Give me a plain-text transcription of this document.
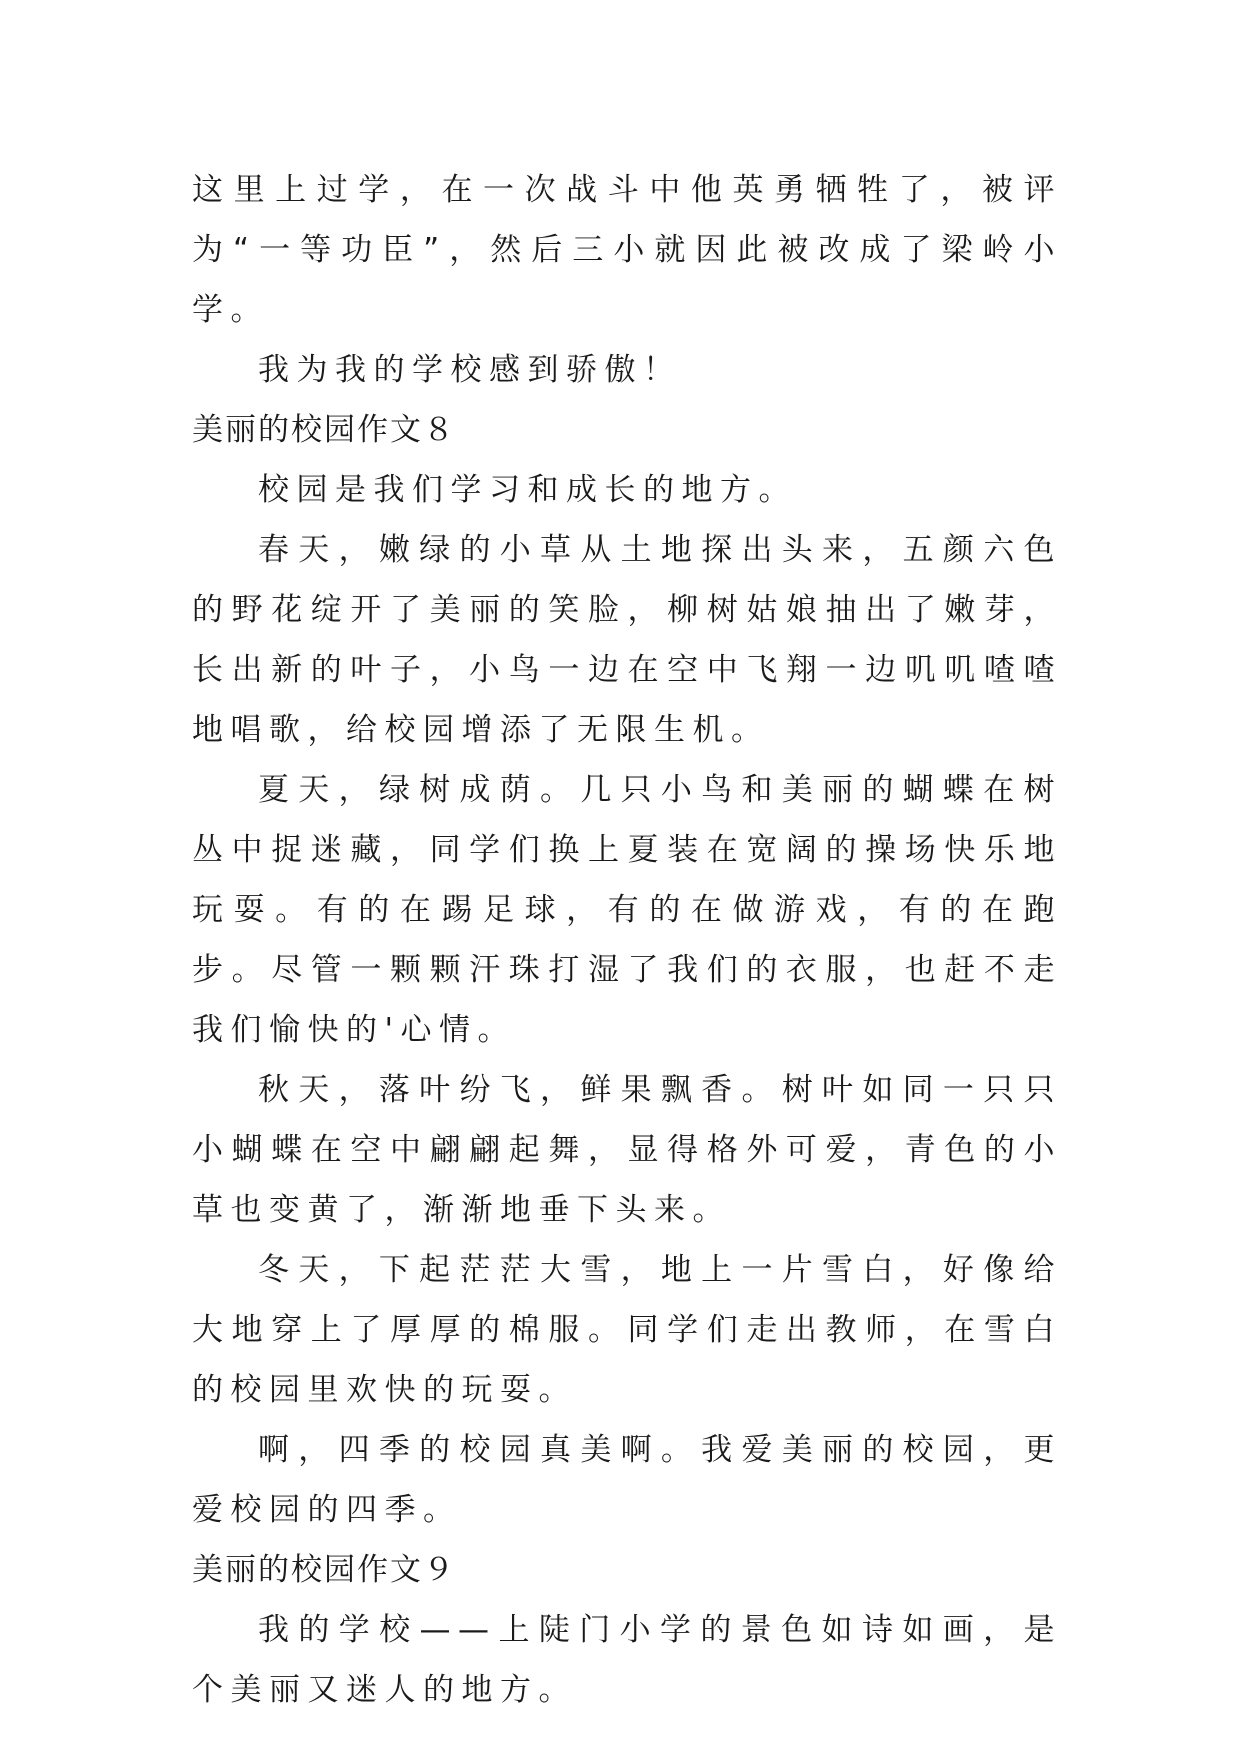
这里上过学，在一次战斗中他英勇牺牲了，被评为“一等功臣”，然后三小就因此被改成了梁岭小学。

我为我的学校感到骄傲！

美丽的校园作文８

校园是我们学习和成长的地方。

春天，嫩绿的小草从土地探出头来，五颜六色的野花绽开了美丽的笑脸，柳树姑娘抽出了嫩芽，长出新的叶子，小鸟一边在空中飞翔一边叽叽喳喳地唱歌，给校园增添了无限生机。

夏天，绿树成荫。几只小鸟和美丽的蝴蝶在树丛中捉迷藏，同学们换上夏装在宽阔的操场快乐地玩耍。有的在踢足球，有的在做游戏，有的在跑步。尽管一颗颗汗珠打湿了我们的衣服，也赶不走我们愉快的'心情。

秋天，落叶纷飞，鲜果飘香。树叶如同一只只小蝴蝶在空中翩翩起舞，显得格外可爱，青色的小草也变黄了，渐渐地垂下头来。

冬天，下起茫茫大雪，地上一片雪白，好像给大地穿上了厚厚的棉服。同学们走出教师，在雪白的校园里欢快的玩耍。

啊，四季的校园真美啊。我爱美丽的校园，更爱校园的四季。

美丽的校园作文９

我的学校——上陡门小学的景色如诗如画，是个美丽又迷人的地方。
